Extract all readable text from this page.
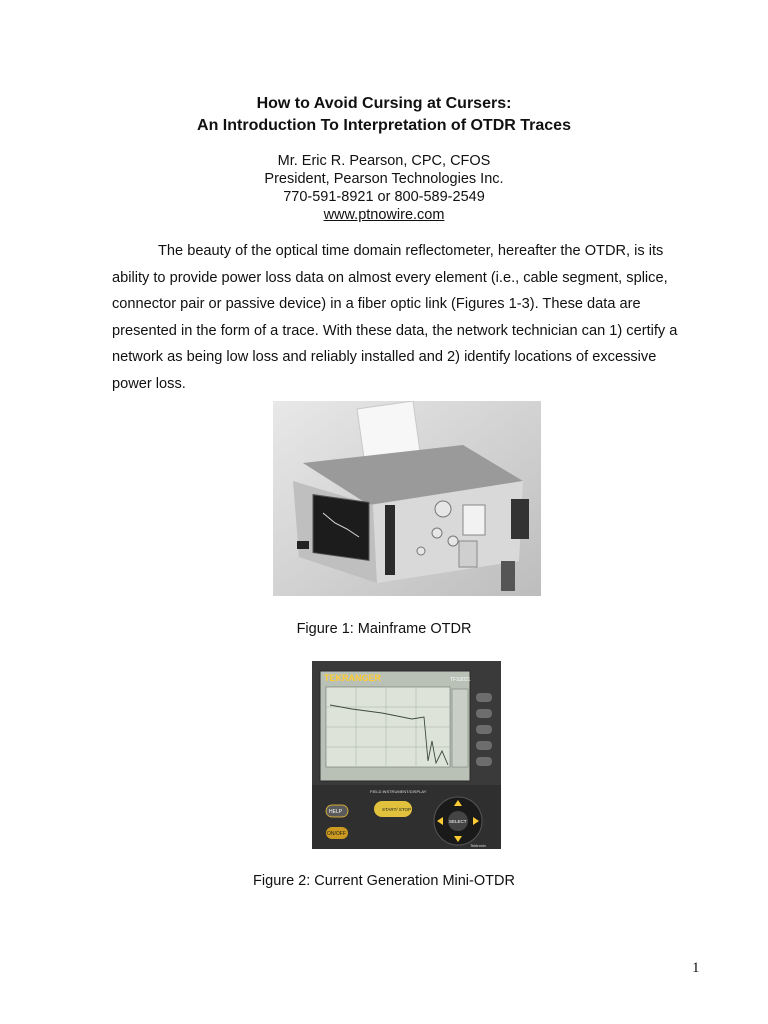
How to Avoid Cursing at Cursers:
An Introduction To Interpretation of OTDR Traces
Mr. Eric R. Pearson, CPC, CFOS
President, Pearson Technologies Inc.
770-591-8921 or 800-589-2549
www.ptnowire.com
The beauty of the optical time domain reflectometer, hereafter the OTDR, is its ability to provide power loss data on almost every element (i.e., cable segment, splice, connector pair or passive device) in a fiber optic link (Figures 1-3). These data are presented in the form of a trace. With these data, the network technician can 1) certify a network as being low loss and reliably installed and 2) identify locations of excessive power loss.
Figure 1: Mainframe OTDR
TEKRANGER	TFS3031
FIELD INSTRUMENT/DISPLAY
HELP
ON/OFF
START/ STOP
SELECT
Tektronix
Figure 2: Current Generation Mini-OTDR
1
